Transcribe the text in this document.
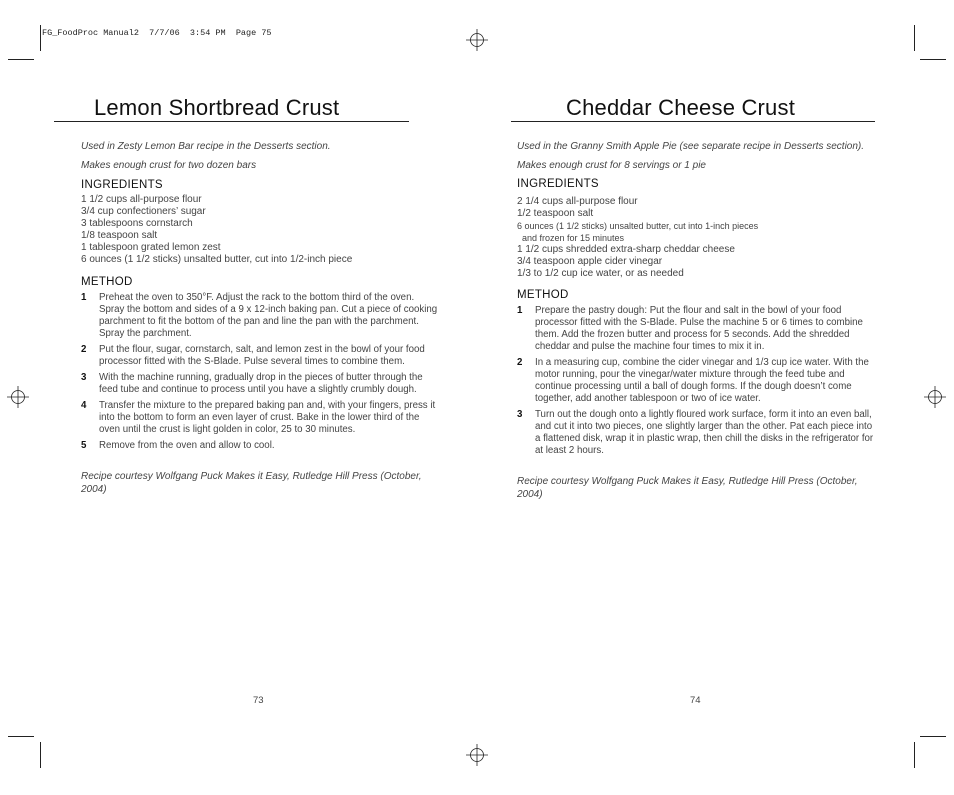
FG_FoodProc Manual2  7/7/06  3:54 PM  Page 75
Lemon Shortbread Crust

Used in Zesty Lemon Bar recipe in the Desserts section.

Makes enough crust for two dozen bars

INGREDIENTS

1 1/2 cups all-purpose flour
3/4 cup confectioners’ sugar
3 tablespoons cornstarch
1/8 teaspoon salt
1 tablespoon grated lemon zest
6 ounces (1 1/2 sticks) unsalted butter, cut into 1/2-inch piece

METHOD

1 Preheat the oven to 350°F. Adjust the rack to the bottom third of the oven. Spray the bottom and sides of a 9 x 12-inch baking pan. Cut a piece of cooking parchment to fit the bottom of the pan and line the pan with the parchment. Spray the parchment.
2 Put the flour, sugar, cornstarch, salt, and lemon zest in the bowl of your food processor fitted with the S-Blade. Pulse several times to combine them.
3 With the machine running, gradually drop in the pieces of butter through the feed tube and continue to process until you have a slightly crumbly dough.
4 Transfer the mixture to the prepared baking pan and, with your fingers, press it into the bottom to form an even layer of crust. Bake in the lower third of the oven until the crust is light golden in color, 25 to 30 minutes.
5 Remove from the oven and allow to cool.

Recipe courtesy Wolfgang Puck Makes it Easy, Rutledge Hill Press (October, 2004)

73
Cheddar Cheese Crust

Used in the Granny Smith Apple Pie (see separate recipe in Desserts section).

Makes enough crust for 8 servings or 1 pie

INGREDIENTS

2 1/4 cups all-purpose flour
1/2 teaspoon salt
6 ounces (1 1/2 sticks) unsalted butter, cut into 1-inch pieces
and frozen for 15 minutes
1 1/2 cups shredded extra-sharp cheddar cheese
3/4 teaspoon apple cider vinegar
1/3 to 1/2 cup ice water, or as needed

METHOD

1 Prepare the pastry dough: Put the flour and salt in the bowl of your food processor fitted with the S-Blade. Pulse the machine 5 or 6 times to combine them. Add the frozen butter and process for 5 seconds. Add the shredded cheddar and pulse the machine four times to mix it in.
2 In a measuring cup, combine the cider vinegar and 1/3 cup ice water. With the motor running, pour the vinegar/water mixture through the feed tube and continue processing until a ball of dough forms. If the dough doesn’t come together, add another tablespoon or two of ice water.
3 Turn out the dough onto a lightly floured work surface, form it into an even ball, and cut it into two pieces, one slightly larger than the other. Pat each piece into a flattened disk, wrap it in plastic wrap, then chill the disks in the refrigerator for at least 2 hours.

Recipe courtesy Wolfgang Puck Makes it Easy, Rutledge Hill Press (October, 2004)

74
